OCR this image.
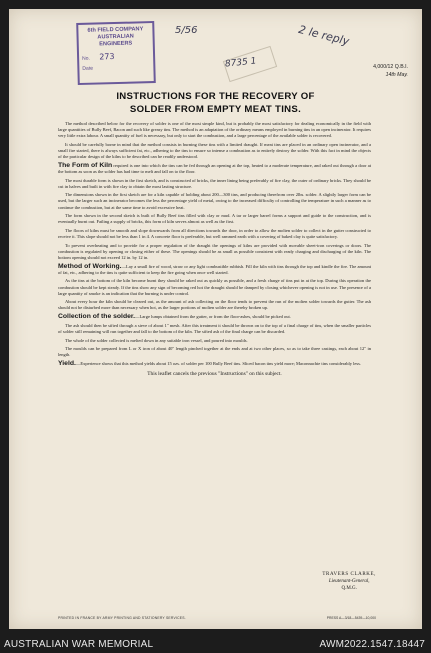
6th FIELD COMPANY
AUSTRALIAN
ENGINEERS
No. 273
Date
5/56
8735 1
2 le reply
4,000/12 Q.B.I.
14th May.
INSTRUCTIONS FOR THE RECOVERY OF
SOLDER FROM EMPTY MEAT TINS.

The method described below for the recovery of solder is one of the most simple kind, but is probably the most satisfactory for dealing economically in the field with large quantities of Bully Beef, Bacon and such like greasy tins. The method is an adaptation of the ordinary means employed in burning tins in an open incinerator. It requires very little extra labour. A small quantity of fuel is necessary, but only to start the combustion, and a large percentage of the available solder is recovered.

It should be carefully borne in mind that the method consists in burning these tins with a limited draught. If meat tins are placed in an ordinary open incinerator, and a small fire started, there is always sufficient fat, etc., adhering to the tins to ensure so intense a combustion as to entirely destroy the solder. With this fact in mind the objects of the particular design of the kilns to be described can be readily understood.

The Form of Kiln required is one into which the tins can be fed through an opening at the top, heated to a moderate temperature, and raked out through a door at the bottom as soon as the solder has had time to melt and fall on to the floor.

The most durable form is shown in the first sketch, and is constructed of bricks, the inner lining being preferably of fire clay, the outer of ordinary bricks. They should be cut in halves and built in with fire clay to obtain the most lasting structure.

The dimensions shown in the first sketch are for a kiln capable of holding about 200—300 tins, and producing therefrom over 2lbs. solder. A slightly larger form can be used, but the larger such an incinerator becomes the less the percentage yield of metal, owing to the increased difficulty of controlling the temperature in such a manner as to continue the combustion, but at the same time to avoid excessive heat.

The form shown in the second sketch is built of Bully Beef tins filled with clay or mud. A tar or larger barrel forms a support and guide to the construction, and is eventually burnt out. Failing a supply of bricks, this form of kiln serves almost as well as the first.

The floors of kilns must be smooth and slope downwards from all directions towards the door, in order to allow the molten solder to collect in the gutter constructed to receive it. This slope should not be less than 1 in 4. A concrete floor is preferable, but well rammed earth with a covering of baked clay is quite satisfactory.

To prevent overheating and to provide for a proper regulation of the draught the openings of kilns are provided with movable sheet-iron coverings or doors. The combustion is regulated by opening or closing either of these. The openings should be as small as possible consistent with ready charging and discharging of the kiln. The bottom opening should not exceed 12 in. by 12 in.

Method of Working.—Lay a small fire of wood, straw or any light combustible rubbish. Fill the kiln with tins through the top and kindle the fire. The amount of fat, etc., adhering to the tins is quite sufficient to keep the fire going when once well started.

As the tins at the bottom of the kiln become burnt they should be raked out as quickly as possible, and a fresh charge of tins put in at the top. During this operation the combustion should be kept steady. If the tins show any sign of becoming red hot the draught should be damped by closing whichever opening is not in use. The presence of a large quantity of smoke is an indication that the burning is under control.

About every hour the kiln should be cleared out, as the amount of ash collecting on the floor tends to prevent the run of the molten solder towards the gutter. The ash should not be disturbed more than necessary when hot, as the larger portions of molten solder are thereby broken up.

Collection of the solder.—Large lumps obtained from the gutter, or from the floor-ashes, should be picked out.

The ash should then be sifted through a sieve of about 1" mesh. After this treatment it should be thrown on to the top of a final charge of tins, when the smaller particles of solder still remaining will run together and fall to the bottom of the kiln. The sifted ash of the final charge can be discarded.

The whole of the solder collected is melted down in any suitable iron vessel, and poured into moulds.

The moulds can be prepared from L or X iron of about 40" length pinched together at the ends and at two other places, so as to take three castings, each about 12" in length.

Yield.—Experience shows that this method yields about 15 ozs. of solder per 100 Bully Beef tins. Sliced bacon tins yield more; Maconnachie tins considerably less.

This leaflet cancels the previous "Instructions" on this subject.

TRAVERS CLARKE,
Lieutenant-General,
Q.M.G.
PRINTED IN FRANCE BY ARMY PRINTING AND STATIONERY SERVICES.	PRESS A—3/18—5439—10,000
AUSTRALIAN WAR MEMORIAL	AWM2022.1547.18447
